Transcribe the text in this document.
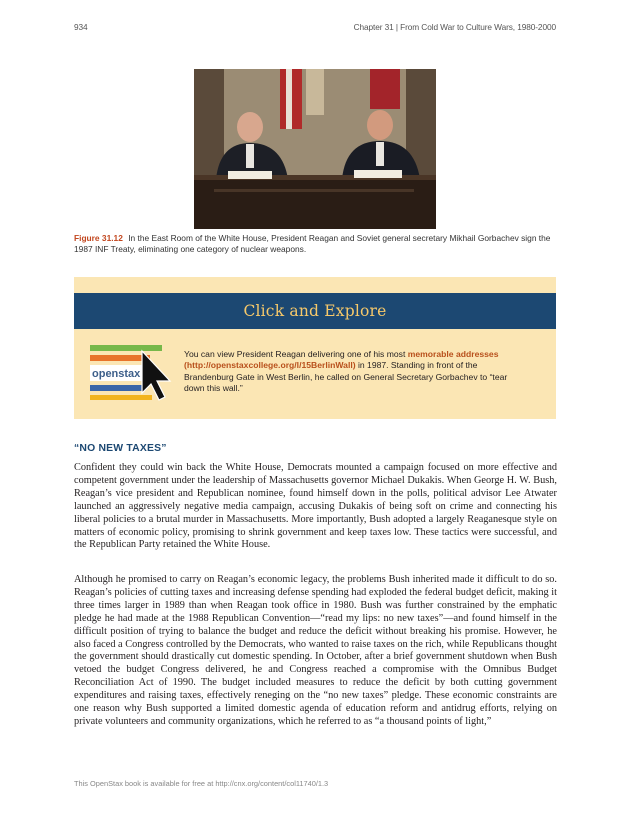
934	Chapter 31 | From Cold War to Culture Wars, 1980-2000
Figure 31.12 In the East Room of the White House, President Reagan and Soviet general secretary Mikhail Gorbachev sign the 1987 INF Treaty, eliminating one category of nuclear weapons.
Click and Explore
openstax
You can view President Reagan delivering one of his most memorable addresses (http://openstaxcollege.org/l/15BerlinWall) in 1987. Standing in front of the Brandenburg Gate in West Berlin, he called on General Secretary Gorbachev to “tear down this wall.”
“NO NEW TAXES”

Confident they could win back the White House, Democrats mounted a campaign focused on more effective and competent government under the leadership of Massachusetts governor Michael Dukakis. When George H. W. Bush, Reagan’s vice president and Republican nominee, found himself down in the polls, political advisor Lee Atwater launched an aggressively negative media campaign, accusing Dukakis of being soft on crime and connecting his liberal policies to a brutal murder in Massachusetts. More importantly, Bush adopted a largely Reaganesque style on matters of economic policy, promising to shrink government and keep taxes low. These tactics were successful, and the Republican Party retained the White House.

Although he promised to carry on Reagan’s economic legacy, the problems Bush inherited made it difficult to do so. Reagan’s policies of cutting taxes and increasing defense spending had exploded the federal budget deficit, making it three times larger in 1989 than when Reagan took office in 1980. Bush was further constrained by the emphatic pledge he had made at the 1988 Republican Convention—“read my lips: no new taxes”—and found himself in the difficult position of trying to balance the budget and reduce the deficit without breaking his promise. However, he also faced a Congress controlled by the Democrats, who wanted to raise taxes on the rich, while Republicans thought the government should drastically cut domestic spending. In October, after a brief government shutdown when Bush vetoed the budget Congress delivered, he and Congress reached a compromise with the Omnibus Budget Reconciliation Act of 1990. The budget included measures to reduce the deficit by both cutting government expenditures and raising taxes, effectively reneging on the “no new taxes” pledge. These economic constraints are one reason why Bush supported a limited domestic agenda of education reform and antidrug efforts, relying on private volunteers and community organizations, which he referred to as “a thousand points of light,”

This OpenStax book is available for free at http://cnx.org/content/col11740/1.3
